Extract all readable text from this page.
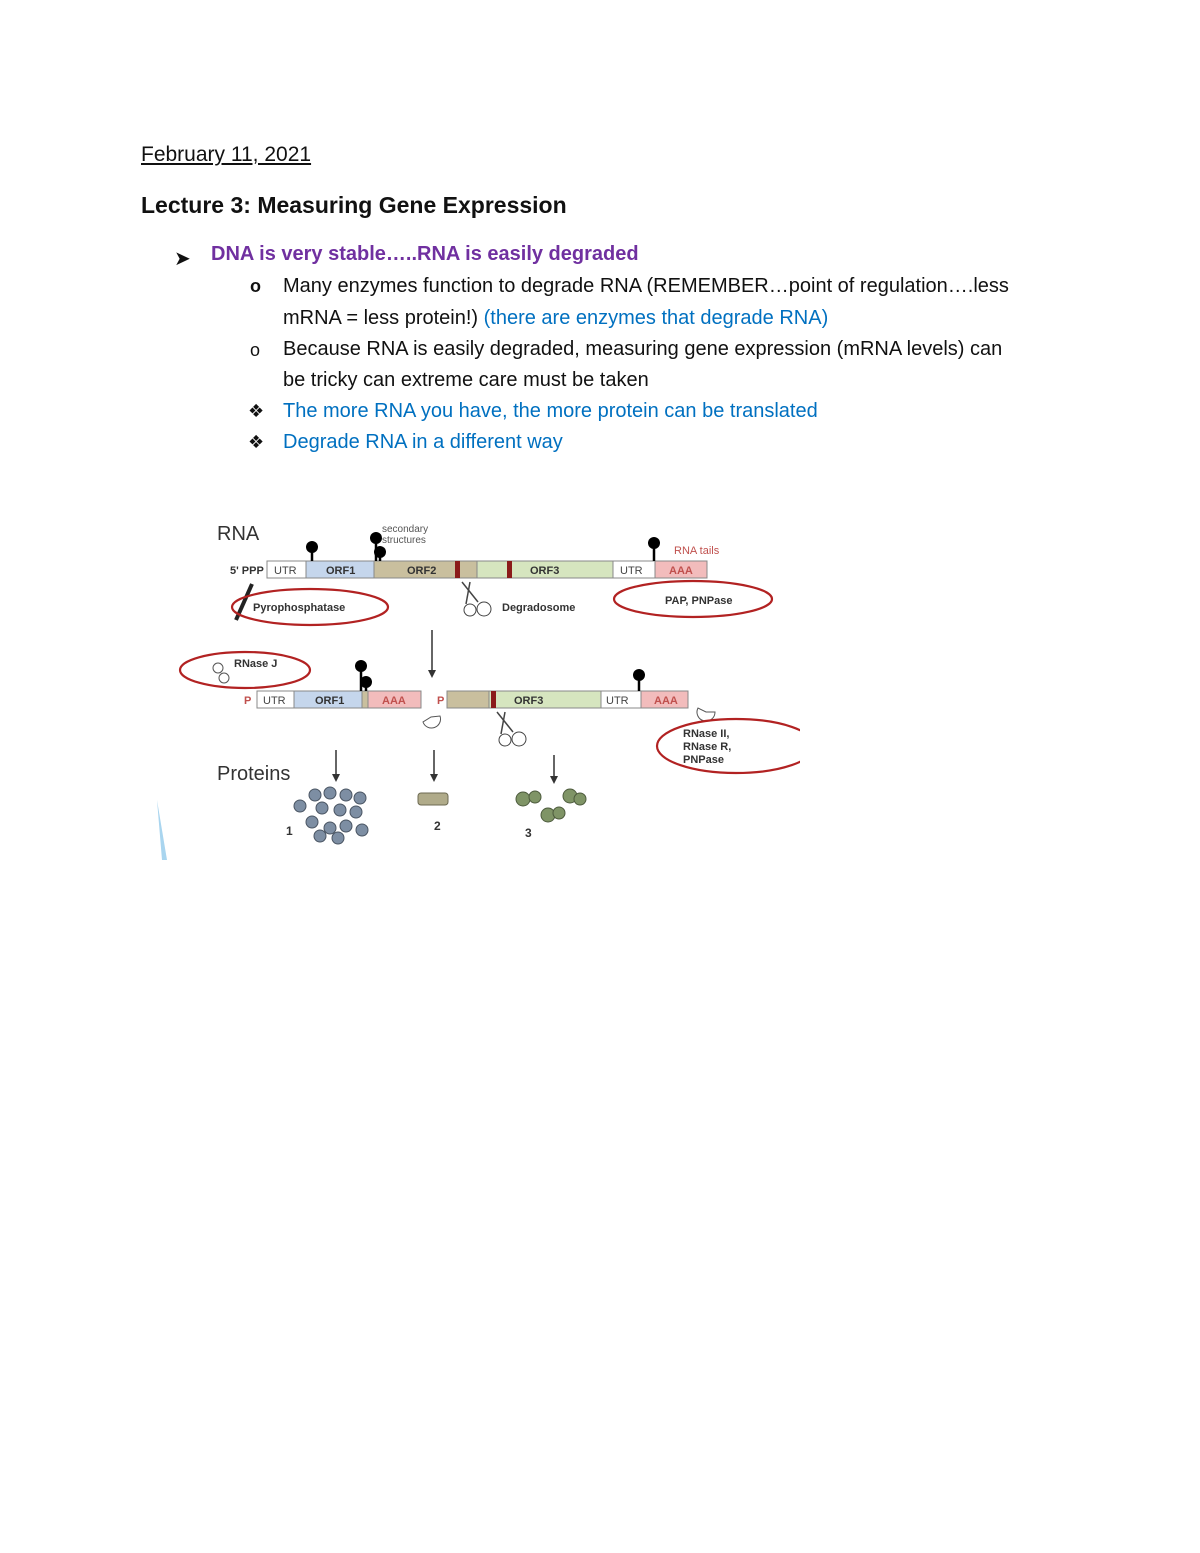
February 11, 2021
Lecture 3: Measuring Gene Expression
➤ DNA is very stable…..RNA is easily degraded
o Many enzymes function to degrade RNA (REMEMBER…point of regulation….less
mRNA = less protein!) (there are enzymes that degrade RNA)
o Because RNA is easily degraded, measuring gene expression (mRNA levels) can
be tricky can extreme care must be taken
❖ The more RNA you have, the more protein can be translated
❖ Degrade RNA in a different way
RNA	secondary
structures
RNA tails
5' PPP UTR	ORF1	ORF2	ORF3	UTR AAA
Pyrophosphatase	Degradosome
PAP, PNPase
RNase J
P UTR	ORF1	AAA	P	ORF3	UTR AAA
RNase II,
RNase R,
PNPase
Proteins
1	2	3
